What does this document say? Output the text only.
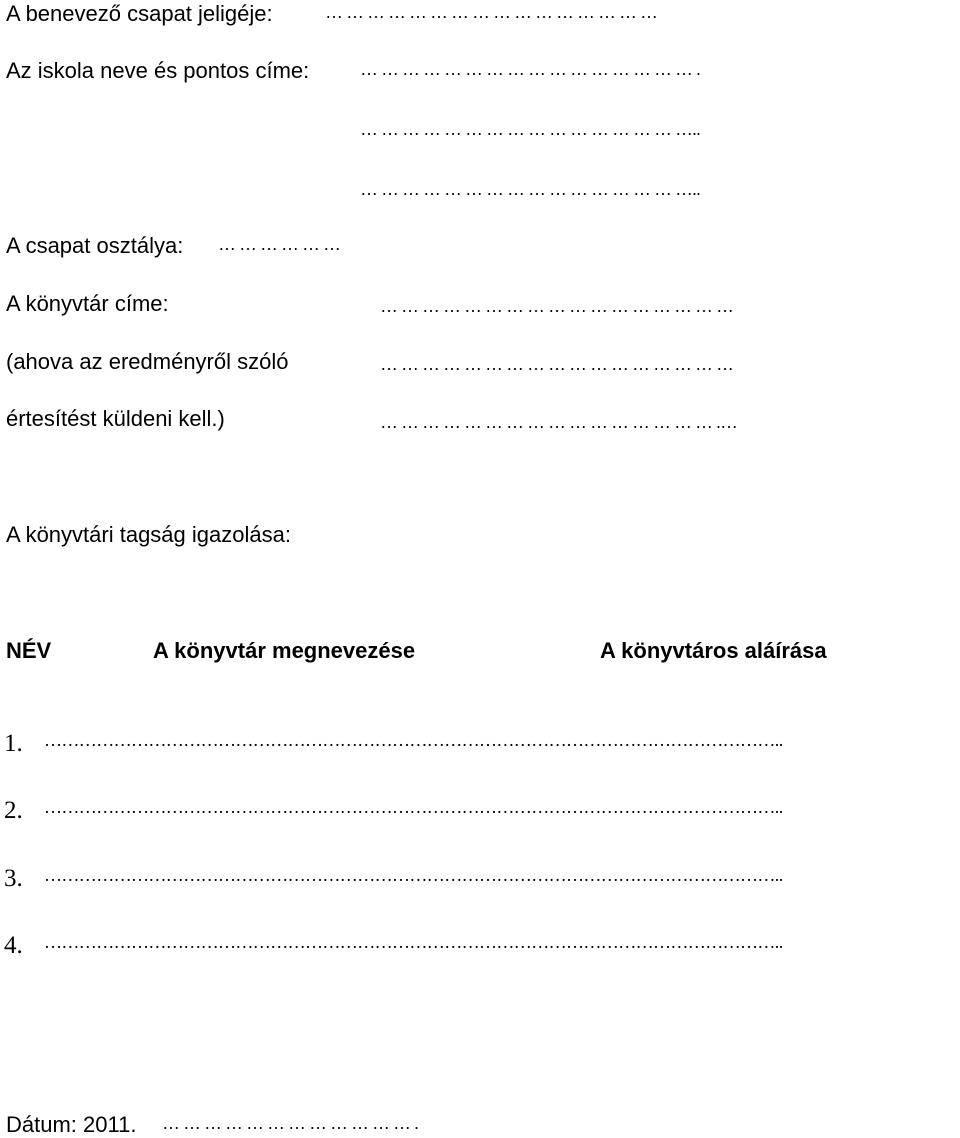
A benevező csapat jeligéje:	… … … … … … … … … … … … … … … …
Az iskola neve és pontos címe:	… … … … … … … … … … … … … … … … .
… … … … … … … … … … … … … … … …..
… … … … … … … … … … … … … … … …..
A csapat osztálya: … … … … … …
A könyvtár címe:	… … … … … … … … … … … … … … … … …
(ahova az eredményről szóló	… … … … … … … … … … … … … … … … …
értesítést küldeni kell.)	… … … … … … … … … … … … … … … … .…
A könyvtári tagság igazolása:
NÉV	A könyvtár megnevezése	A könyvtáros aláírása
1. ………………………………………………………………………………………………………………..
2. ………………………………………………………………………………………………………………..
3. ………………………………………………………………………………………………………………..
4. ………………………………………………………………………………………………………………..
Dátum: 2011. … … … … … … … … … … … … .
